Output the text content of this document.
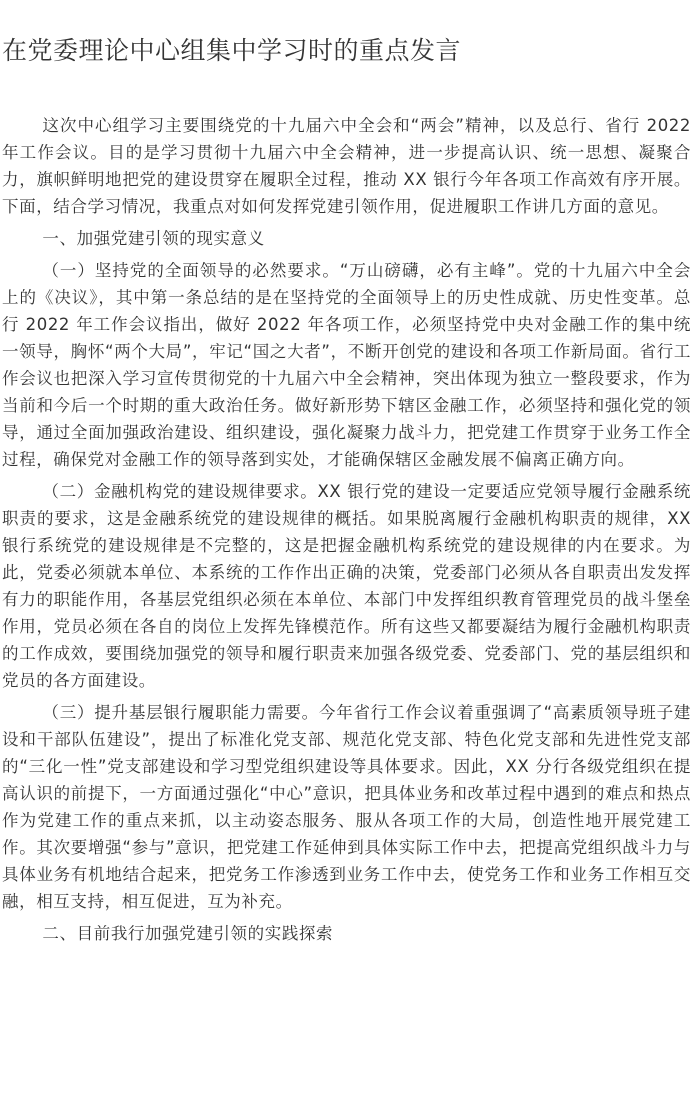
在党委理论中心组集中学习时的重点发言

这次中心组学习主要围绕党的十九届六中全会和“两会”精神，以及总行、省行 2022 年工作会议。目的是学习贯彻十九届六中全会精神，进一步提高认识、统一思想、凝聚合力，旗帜鲜明地把党的建设贯穿在履职全过程，推动 XX 银行今年各项工作高效有序开展。下面，结合学习情况，我重点对如何发挥党建引领作用，促进履职工作讲几方面的意见。

一、加强党建引领的现实意义

（一）坚持党的全面领导的必然要求。“万山磅礴，必有主峰”。党的十九届六中全会上的《决议》，其中第一条总结的是在坚持党的全面领导上的历史性成就、历史性变革。总行 2022 年工作会议指出，做好 2022 年各项工作，必须坚持党中央对金融工作的集中统一领导，胸怀“两个大局”，牢记“国之大者”，不断开创党的建设和各项工作新局面。省行工作会议也把深入学习宣传贯彻党的十九届六中全会精神，突出体现为独立一整段要求，作为当前和今后一个时期的重大政治任务。做好新形势下辖区金融工作，必须坚持和强化党的领导，通过全面加强政治建设、组织建设，强化凝聚力战斗力，把党建工作贯穿于业务工作全过程，确保党对金融工作的领导落到实处，才能确保辖区金融发展不偏离正确方向。

（二）金融机构党的建设规律要求。XX 银行党的建设一定要适应党领导履行金融系统职责的要求，这是金融系统党的建设规律的概括。如果脱离履行金融机构职责的规律，XX 银行系统党的建设规律是不完整的，这是把握金融机构系统党的建设规律的内在要求。为此，党委必须就本单位、本系统的工作作出正确的决策，党委部门必须从各自职责出发发挥有力的职能作用，各基层党组织必须在本单位、本部门中发挥组织教育管理党员的战斗堡垒作用，党员必须在各自的岗位上发挥先锋模范作。所有这些又都要凝结为履行金融机构职责的工作成效，要围绕加强党的领导和履行职责来加强各级党委、党委部门、党的基层组织和党员的各方面建设。

（三）提升基层银行履职能力需要。今年省行工作会议着重强调了“高素质领导班子建设和干部队伍建设”，提出了标准化党支部、规范化党支部、特色化党支部和先进性党支部的“三化一性”党支部建设和学习型党组织建设等具体要求。因此，XX 分行各级党组织在提高认识的前提下，一方面通过强化“中心”意识，把具体业务和改革过程中遇到的难点和热点作为党建工作的重点来抓，以主动姿态服务、服从各项工作的大局，创造性地开展党建工作。其次要增强“参与”意识，把党建工作延伸到具体实际工作中去，把提高党组织战斗力与具体业务有机地结合起来，把党务工作渗透到业务工作中去，使党务工作和业务工作相互交融，相互支持，相互促进，互为补充。

二、目前我行加强党建引领的实践探索
